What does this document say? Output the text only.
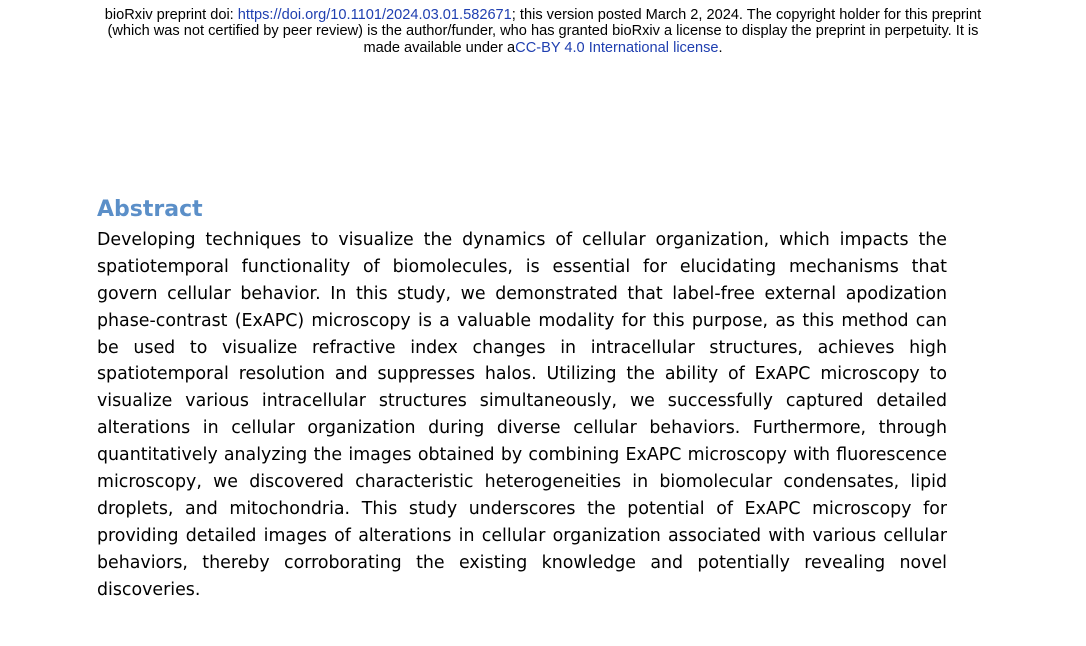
bioRxiv preprint doi: https://doi.org/10.1101/2024.03.01.582671; this version posted March 2, 2024. The copyright holder for this preprint
(which was not certified by peer review) is the author/funder, who has granted bioRxiv a license to display the preprint in perpetuity. It is
made available under aCC-BY 4.0 International license.
Abstract
Developing techniques to visualize the dynamics of cellular organization, which impacts the
spatiotemporal functionality of biomolecules, is essential for elucidating mechanisms that
govern cellular behavior. In this study, we demonstrated that label-free external apodization
phase-contrast (ExAPC) microscopy is a valuable modality for this purpose, as this method can
be used to visualize refractive index changes in intracellular structures, achieves high
spatiotemporal resolution and suppresses halos. Utilizing the ability of ExAPC microscopy to
visualize various intracellular structures simultaneously, we successfully captured detailed
alterations in cellular organization during diverse cellular behaviors. Furthermore, through
quantitatively analyzing the images obtained by combining ExAPC microscopy with fluorescence
microscopy, we discovered characteristic heterogeneities in biomolecular condensates, lipid
droplets, and mitochondria. This study underscores the potential of ExAPC microscopy for
providing detailed images of alterations in cellular organization associated with various cellular
behaviors, thereby corroborating the existing knowledge and potentially revealing novel
discoveries.
